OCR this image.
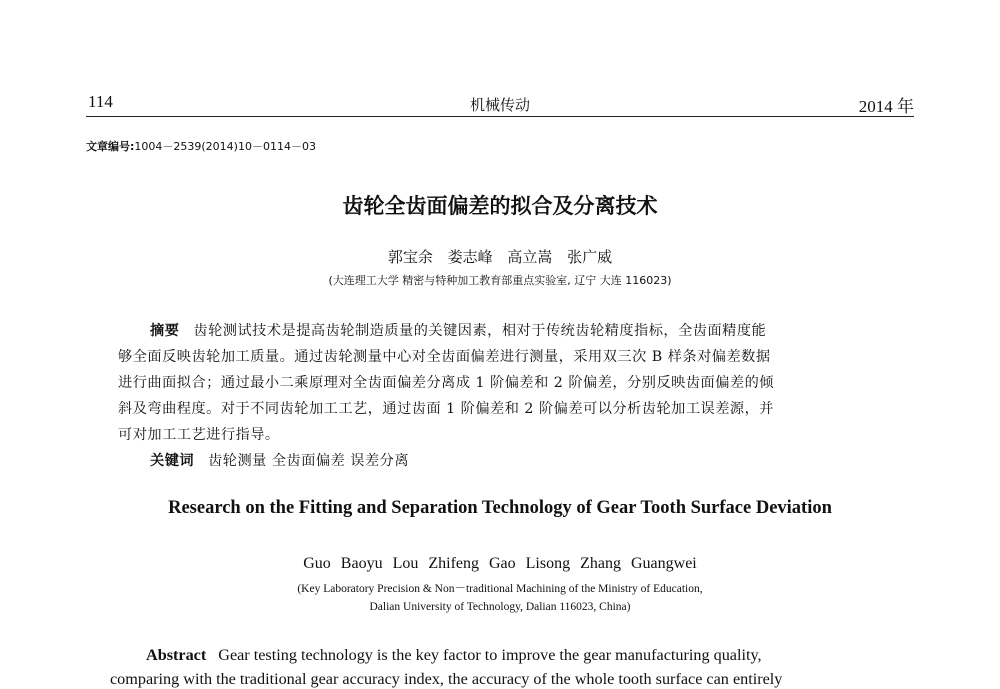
114	机械传动	2014 年
文章编号:1004－2539(2014)10－0114－03
齿轮全齿面偏差的拟合及分离技术
郭宝余 娄志峰 高立嵩 张广威
(大连理工大学 精密与特种加工教育部重点实验室, 辽宁 大连 116023)
摘要 齿轮测试技术是提高齿轮制造质量的关键因素，相对于传统齿轮精度指标，全齿面精度能
够全面反映齿轮加工质量。通过齿轮测量中心对全齿面偏差进行测量，采用双三次 B 样条对偏差数据
进行曲面拟合；通过最小二乘原理对全齿面偏差分离成 1 阶偏差和 2 阶偏差，分别反映齿面偏差的倾
斜及弯曲程度。对于不同齿轮加工工艺，通过齿面 1 阶偏差和 2 阶偏差可以分析齿轮加工误差源，并
可对加工工艺进行指导。
关键词 齿轮测量 全齿面偏差 误差分离
Research on the Fitting and Separation Technology of Gear Tooth Surface Deviation
Guo Baoyu Lou Zhifeng Gao Lisong Zhang Guangwei
(Key Laboratory Precision & Non－traditional Machining of the Ministry of Education,
Dalian University of Technology, Dalian 116023, China)
Abstract Gear testing technology is the key factor to improve the gear manufacturing quality,
comparing with the traditional gear accuracy index, the accuracy of the whole tooth surface can entirely
